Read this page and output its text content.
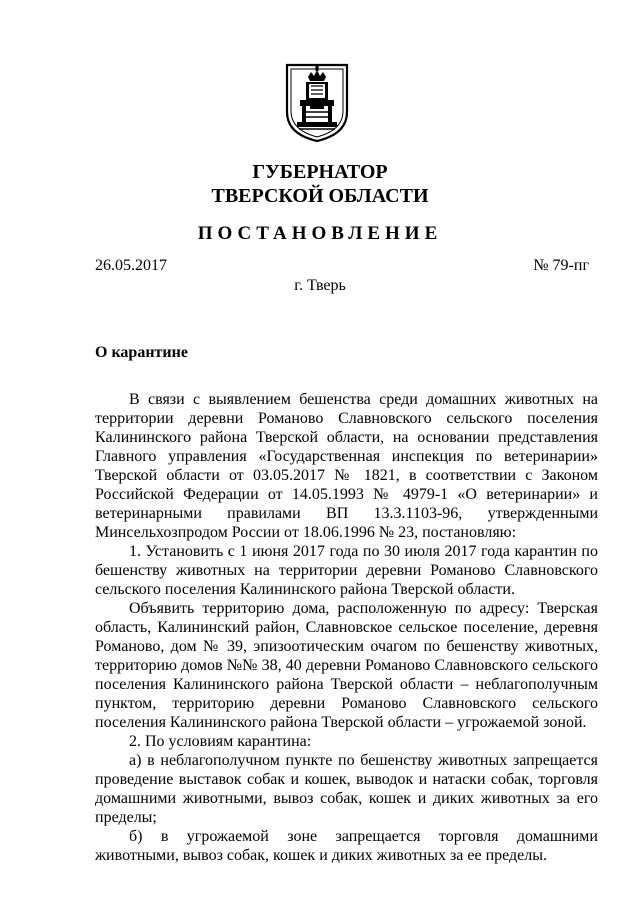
ГУБЕРНАТОР
ТВЕРСКОЙ ОБЛАСТИ
ПОСТАНОВЛЕНИЕ
26.05.2017	№ 79-пг
г. Тверь
О карантине

В связи с выявлением бешенства среди домашних животных на территории деревни Романово Славновского сельского поселения Калининского района Тверской области, на основании представления Главного управления «Государственная инспекция по ветеринарии» Тверской области от 03.05.2017 № 1821, в соответствии с Законом Российской Федерации от 14.05.1993 № 4979-1 «О ветеринарии» и ветеринарными правилами ВП 13.3.1103-96, утвержденными Минсельхозпродом России от 18.06.1996 № 23, постановляю:

1. Установить с 1 июня 2017 года по 30 июля 2017 года карантин по бешенству животных на территории деревни Романово Славновского сельского поселения Калининского района Тверской области.

Объявить территорию дома, расположенную по адресу: Тверская область, Калининский район, Славновское сельское поселение, деревня Романово, дом № 39, эпизоотическим очагом по бешенству животных, территорию домов №№ 38, 40 деревни Романово Славновского сельского поселения Калининского района Тверской области – неблагополучным пунктом, территорию деревни Романово Славновского сельского поселения Калининского района Тверской области – угрожаемой зоной.

2. По условиям карантина:

а) в неблагополучном пункте по бешенству животных запрещается проведение выставок собак и кошек, выводок и натаски собак, торговля домашними животными, вывоз собак, кошек и диких животных за его пределы;

б) в угрожаемой зоне запрещается торговля домашними животными, вывоз собак, кошек и диких животных за ее пределы.
